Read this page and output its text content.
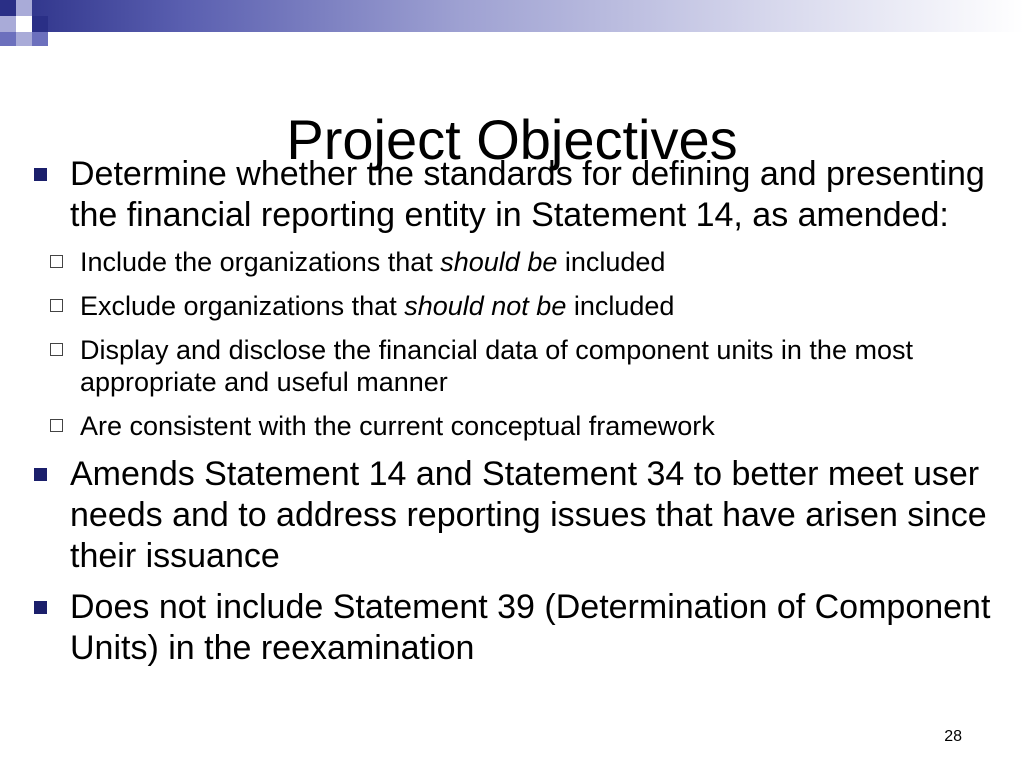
Project Objectives
Determine whether the standards for defining and presenting the financial reporting entity in Statement 14, as amended:
Include the organizations that should be included
Exclude organizations that should not be included
Display and disclose the financial data of component units in the most appropriate and useful manner
Are consistent with the current conceptual framework
Amends Statement 14 and Statement 34 to better meet user needs and to address reporting issues that have arisen since their issuance
Does not include Statement 39 (Determination of Component Units) in the reexamination
28
